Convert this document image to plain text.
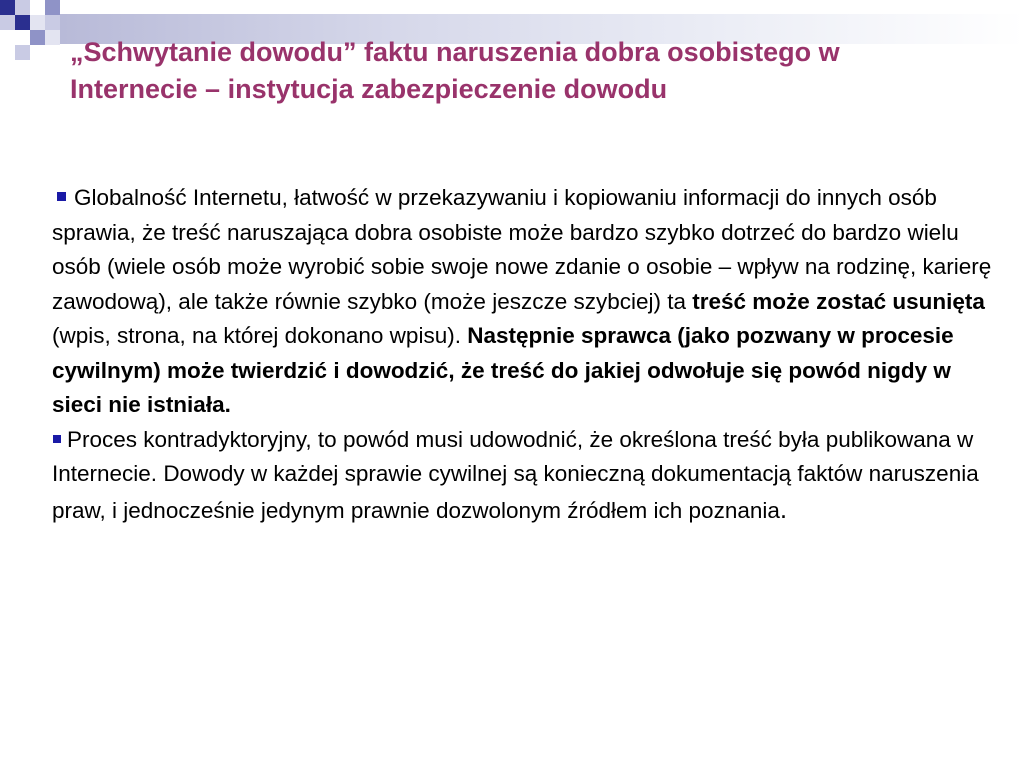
„Schwytanie dowodu” faktu naruszenia dobra osobistego w Internecie – instytucja zabezpieczenie dowodu

Globalność Internetu, łatwość w przekazywaniu i kopiowaniu informacji do innych osób sprawia, że treść naruszająca dobra osobiste może bardzo szybko dotrzeć do bardzo wielu osób (wiele osób może wyrobić sobie swoje nowe zdanie o osobie – wpływ na rodzinę, karierę zawodową), ale także równie szybko (może jeszcze szybciej) ta treść może zostać usunięta (wpis, strona, na której dokonano wpisu). Następnie sprawca (jako pozwany w procesie cywilnym) może twierdzić i dowodzić, że treść do jakiej odwołuje się powód nigdy w sieci nie istniała.

Proces kontradyktoryjny, to powód musi udowodnić, że określona treść była publikowana w Internecie. Dowody w każdej sprawie cywilnej są konieczną dokumentacją faktów naruszenia praw, i jednocześnie jedynym prawnie dozwolonym źródłem ich poznania.
